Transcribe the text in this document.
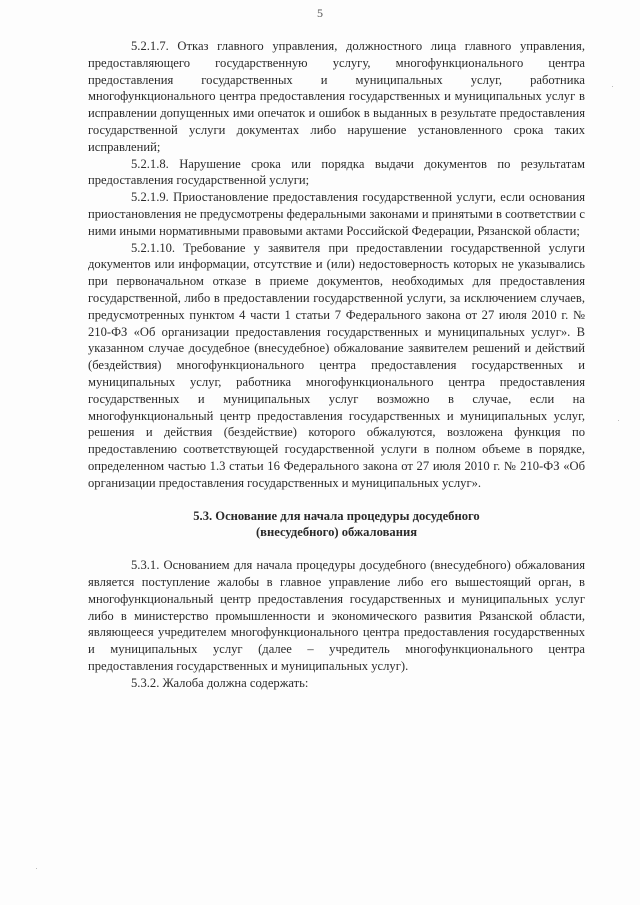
5

5.2.1.7. Отказ главного управления, должностного лица главного управления, предоставляющего государственную услугу, многофункционального центра предоставления государственных и муниципальных услуг, работника многофункционального центра предоставления государственных и муниципальных услуг в исправлении допущенных ими опечаток и ошибок в выданных в результате предоставления государственной услуги документах либо нарушение установленного срока таких исправлений;

5.2.1.8. Нарушение срока или порядка выдачи документов по результатам предоставления государственной услуги;

5.2.1.9. Приостановление предоставления государственной услуги, если основания приостановления не предусмотрены федеральными законами и принятыми в соответствии с ними иными нормативными правовыми актами Российской Федерации, Рязанской области;

5.2.1.10. Требование у заявителя при предоставлении государственной услуги документов или информации, отсутствие и (или) недостоверность которых не указывались при первоначальном отказе в приеме документов, необходимых для предоставления государственной, либо в предоставлении государственной услуги, за исключением случаев, предусмотренных пунктом 4 части 1 статьи 7 Федерального закона от 27 июля 2010 г. № 210-ФЗ «Об организации предоставления государственных и муниципальных услуг». В указанном случае досудебное (внесудебное) обжалование заявителем решений и действий (бездействия) многофункционального центра предоставления государственных и муниципальных услуг, работника многофункционального центра предоставления государственных и муниципальных услуг возможно в случае, если на многофункциональный центр предоставления государственных и муниципальных услуг, решения и действия (бездействие) которого обжалуются, возложена функция по предоставлению соответствующей государственной услуги в полном объеме в порядке, определенном частью 1.3 статьи 16 Федерального закона от 27 июля 2010 г. № 210-ФЗ «Об организации предоставления государственных и муниципальных услуг».

5.3. Основание для начала процедуры досудебного
(внесудебного) обжалования

5.3.1. Основанием для начала процедуры досудебного (внесудебного) обжалования является поступление жалобы в главное управление либо его вышестоящий орган, в многофункциональный центр предоставления государственных и муниципальных услуг либо в министерство промышленности и экономического развития Рязанской области, являющееся учредителем многофункционального центра предоставления государственных и муниципальных услуг (далее – учредитель многофункционального центра предоставления государственных и муниципальных услуг).

5.3.2. Жалоба должна содержать:
